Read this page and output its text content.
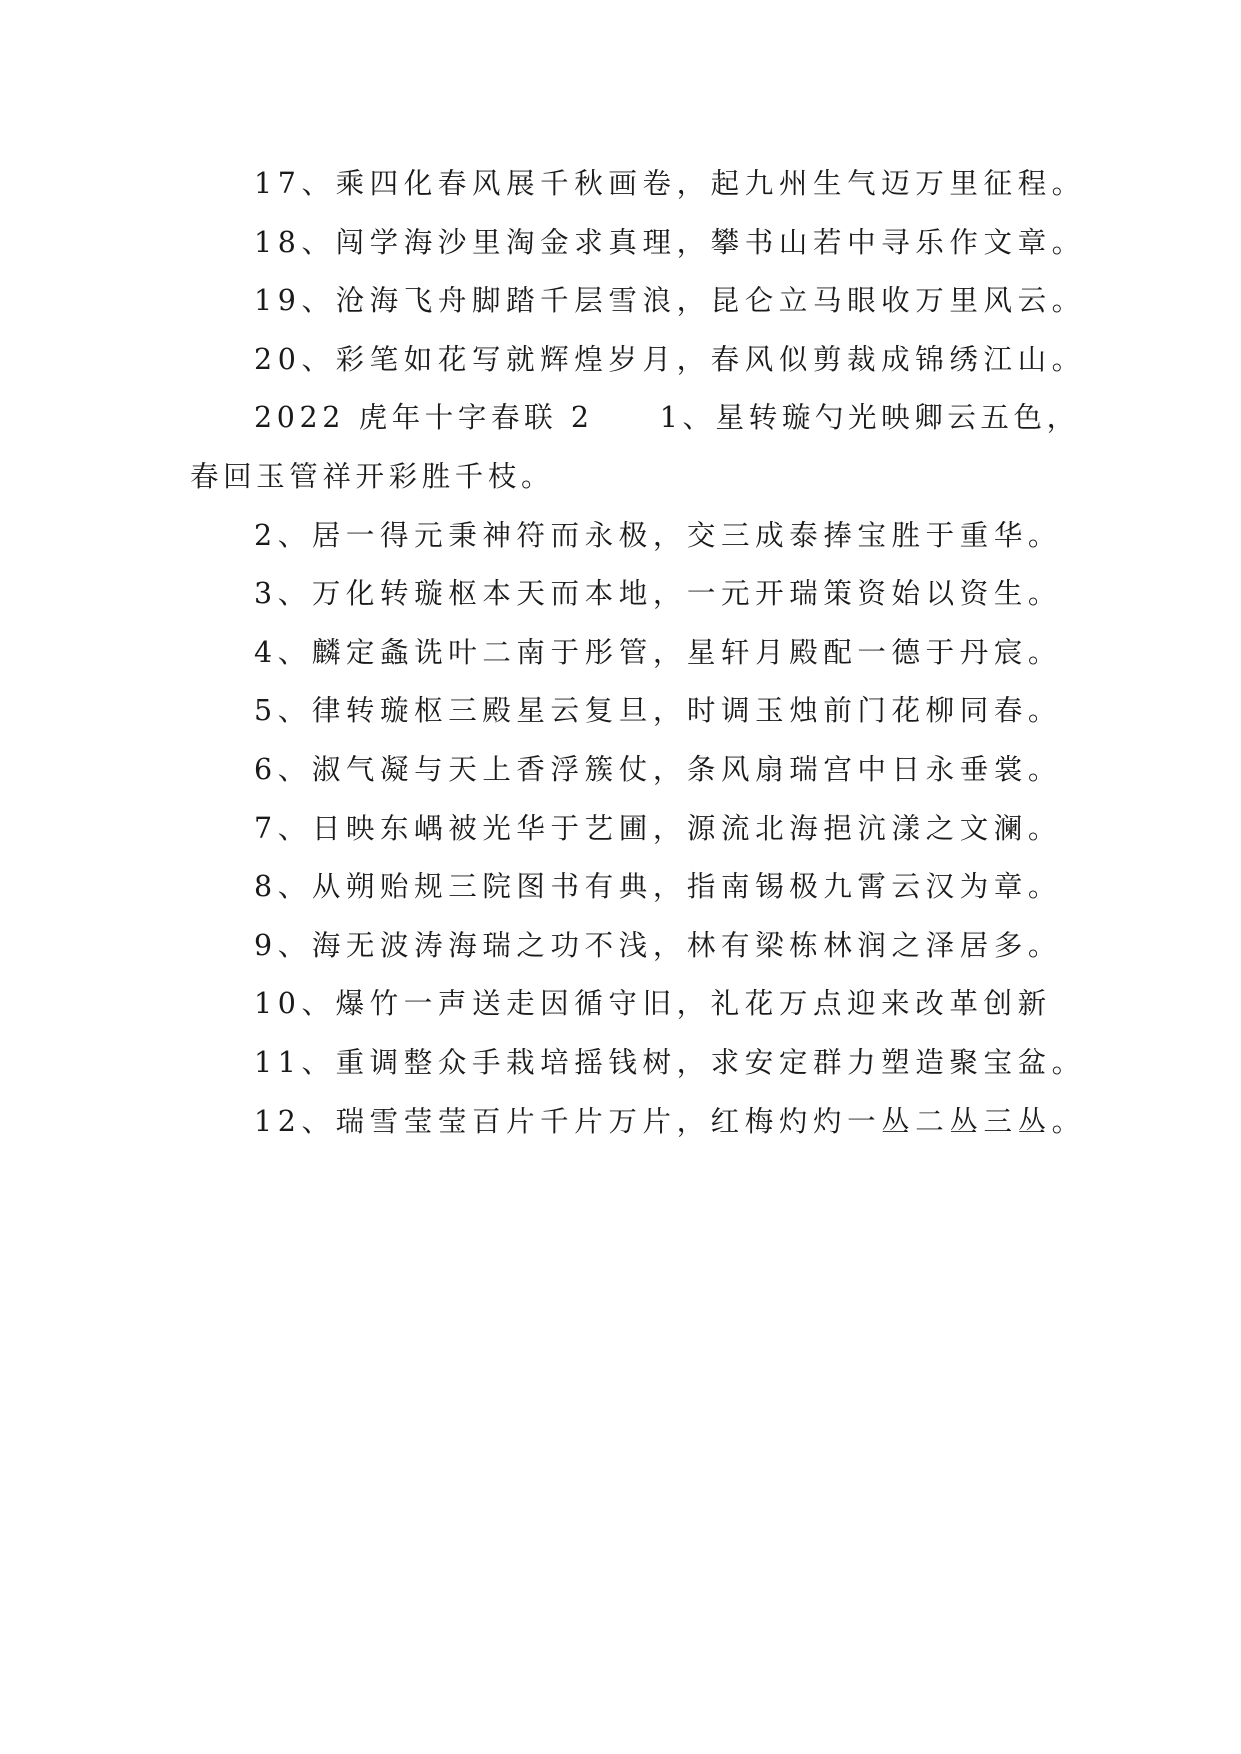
17、乘四化春风展千秋画卷，起九州生气迈万里征程。

18、闯学海沙里淘金求真理，攀书山若中寻乐作文章。

19、沧海飞舟脚踏千层雪浪，昆仑立马眼收万里风云。

20、彩笔如花写就辉煌岁月，春风似剪裁成锦绣江山。

2022 虎年十字春联 2　　1、星转璇勺光映卿云五色，春回玉管祥开彩胜千枝。

2、居一得元秉神符而永极，交三成泰捧宝胜于重华。

3、万化转璇枢本天而本地，一元开瑞策资始以资生。

4、麟定螽诜叶二南于彤管，星轩月殿配一德于丹宸。

5、律转璇枢三殿星云复旦，时调玉烛前门花柳同春。

6、淑气凝与天上香浮簇仗，条风扇瑞宫中日永垂裳。

7、日映东嵎被光华于艺圃，源流北海挹沆漾之文澜。

8、从朔贻规三院图书有典，指南锡极九霄云汉为章。

9、海无波涛海瑞之功不浅，林有梁栋林润之泽居多。

10、爆竹一声送走因循守旧，礼花万点迎来改革创新

11、重调整众手栽培摇钱树，求安定群力塑造聚宝盆。

12、瑞雪莹莹百片千片万片，红梅灼灼一丛二丛三丛。
